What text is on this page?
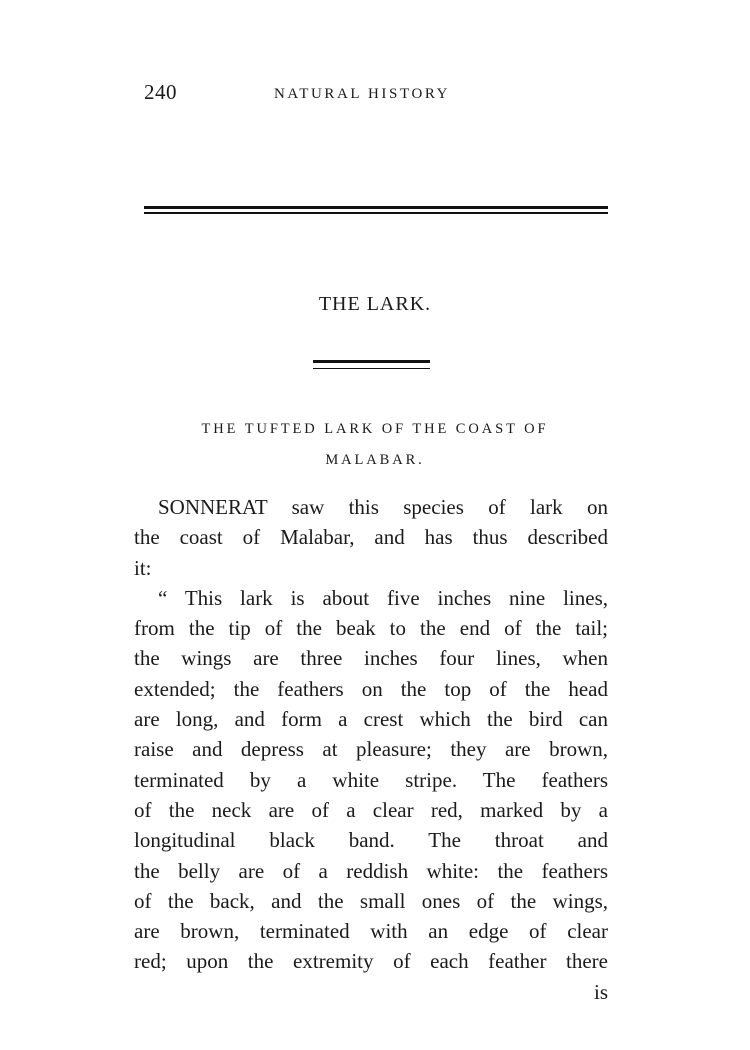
240	NATURAL HISTORY
THE LARK.
THE TUFTED LARK OF THE COAST OF
MALABAR.
SONNERAT saw this species of lark on
the coast of Malabar, and has thus described
it:
“ This lark is about five inches nine lines,
from the tip of the beak to the end of the tail;
the wings are three inches four lines, when
extended; the feathers on the top of the head
are long, and form a crest which the bird can
raise and depress at pleasure; they are brown,
terminated by a white stripe. The feathers
of the neck are of a clear red, marked by a
longitudinal black band. The throat and
the belly are of a reddish white: the feathers
of the back, and the small ones of the wings,
are brown, terminated with an edge of clear
red; upon the extremity of each feather there
is
